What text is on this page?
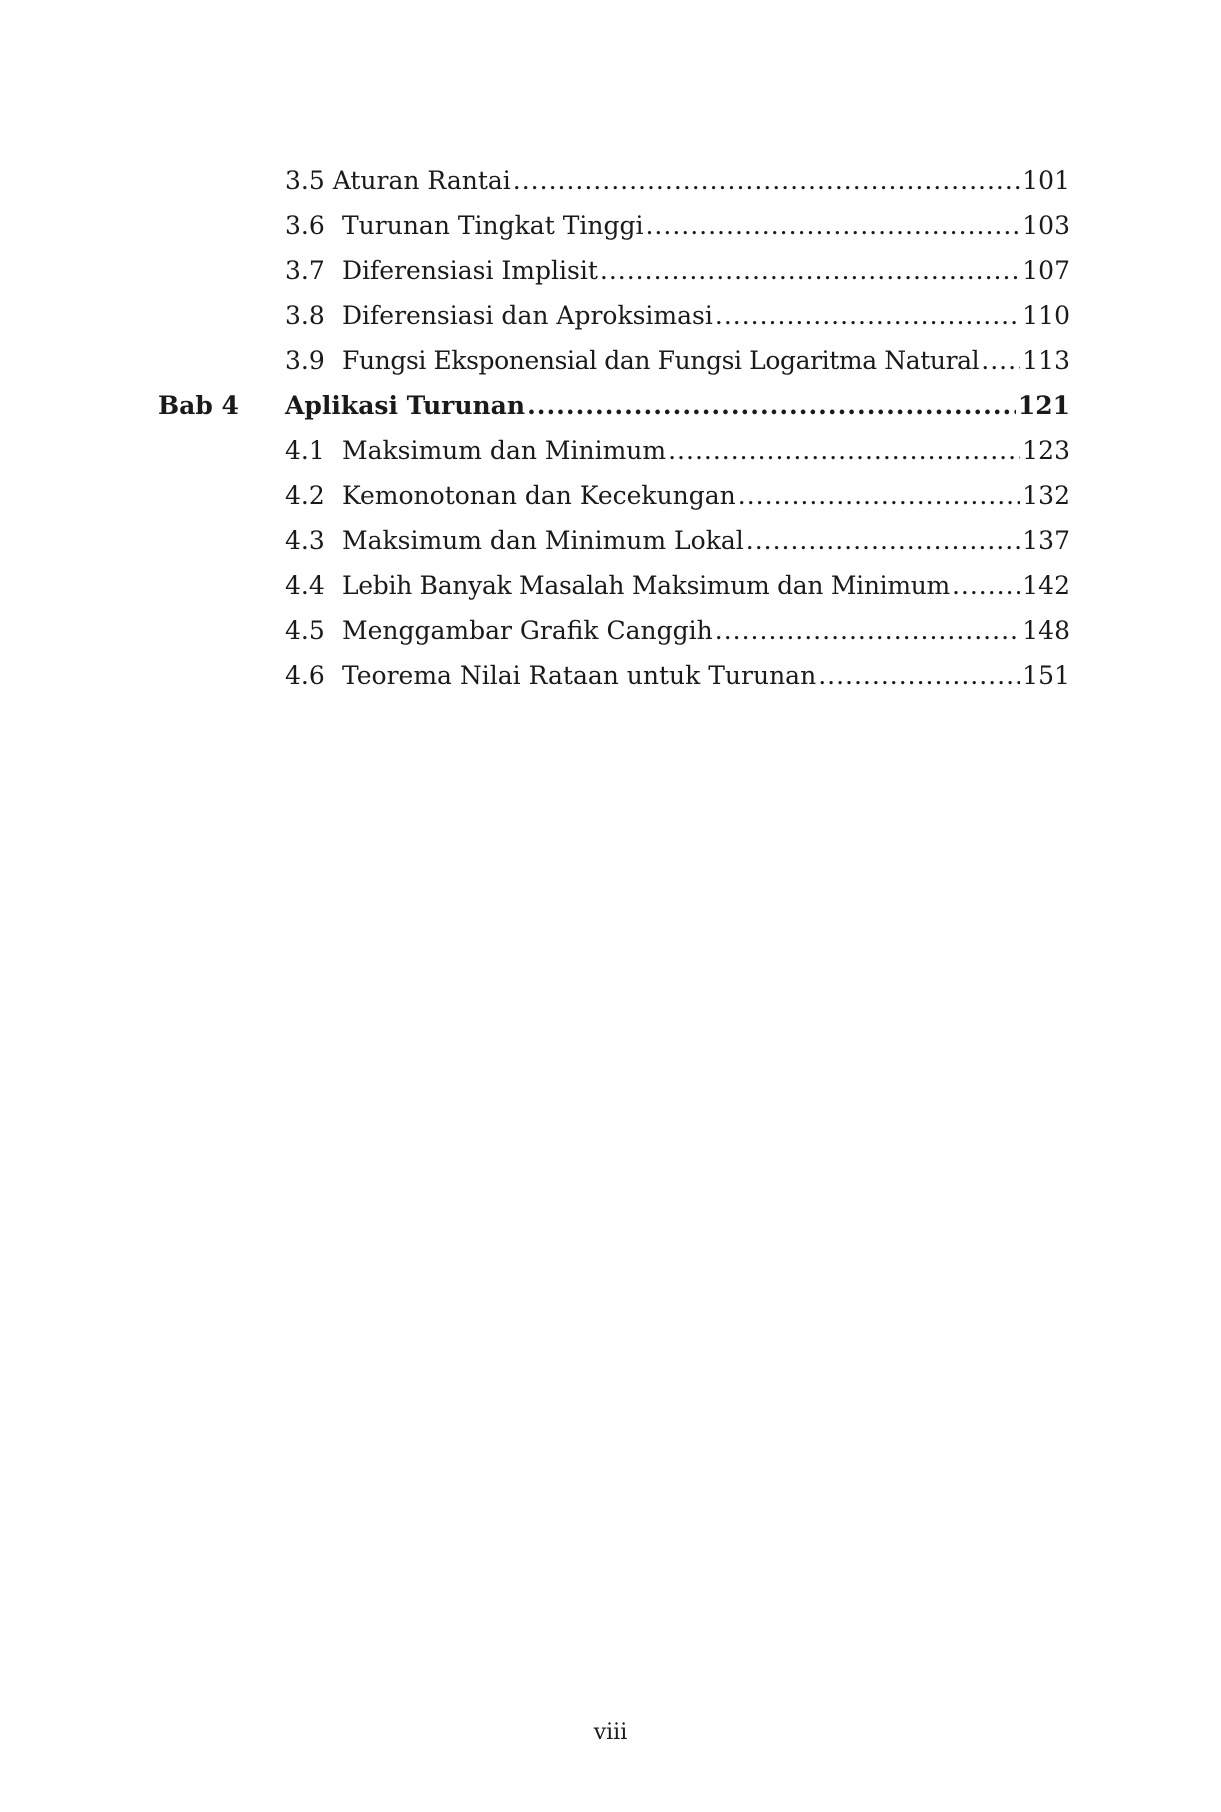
3.5 Aturan Rantai .....	101
3.6 Turunan Tingkat Tinggi .....	103
3.7 Diferensiasi Implisit .....	107
3.8 Diferensiasi dan Aproksimasi .....	110
3.9 Fungsi Eksponensial dan Fungsi Logaritma Natural ..... 113
Bab 4 Aplikasi Turunan .....	121
4.1 Maksimum dan Minimum .....	123
4.2 Kemonotonan dan Kecekungan .....	132
4.3 Maksimum dan Minimum Lokal .....	137
4.4 Lebih Banyak Masalah Maksimum dan Minimum .....	142
4.5 Menggambar Grafik Canggih .....	148
4.6 Teorema Nilai Rataan untuk Turunan .....	151
viii
